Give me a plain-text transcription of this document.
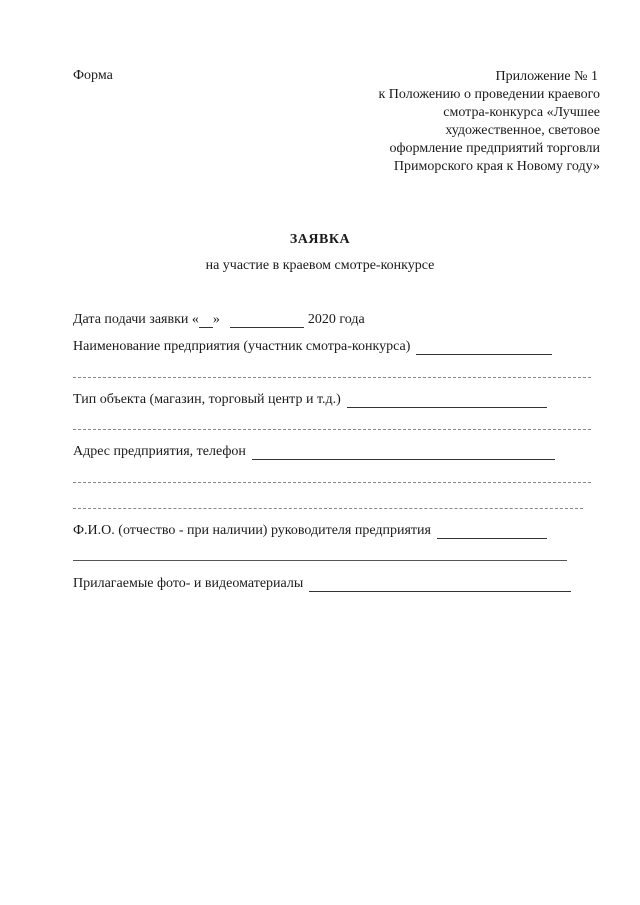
Форма	Приложение № 1
к Положению о проведении краевого
смотра-конкурса «Лучшее
художественное, световое
оформление предприятий торговли
Приморского края к Новому году»
ЗАЯВКА
на участие в краевом смотре-конкурсе
Дата подачи заявки « »	2020 года
Наименование предприятия (участник смотра-конкурса)
Тип объекта (магазин, торговый центр и т.д.)
Адрес предприятия, телефон
Ф.И.О. (отчество - при наличии) руководителя предприятия
Прилагаемые фото- и видеоматериалы
